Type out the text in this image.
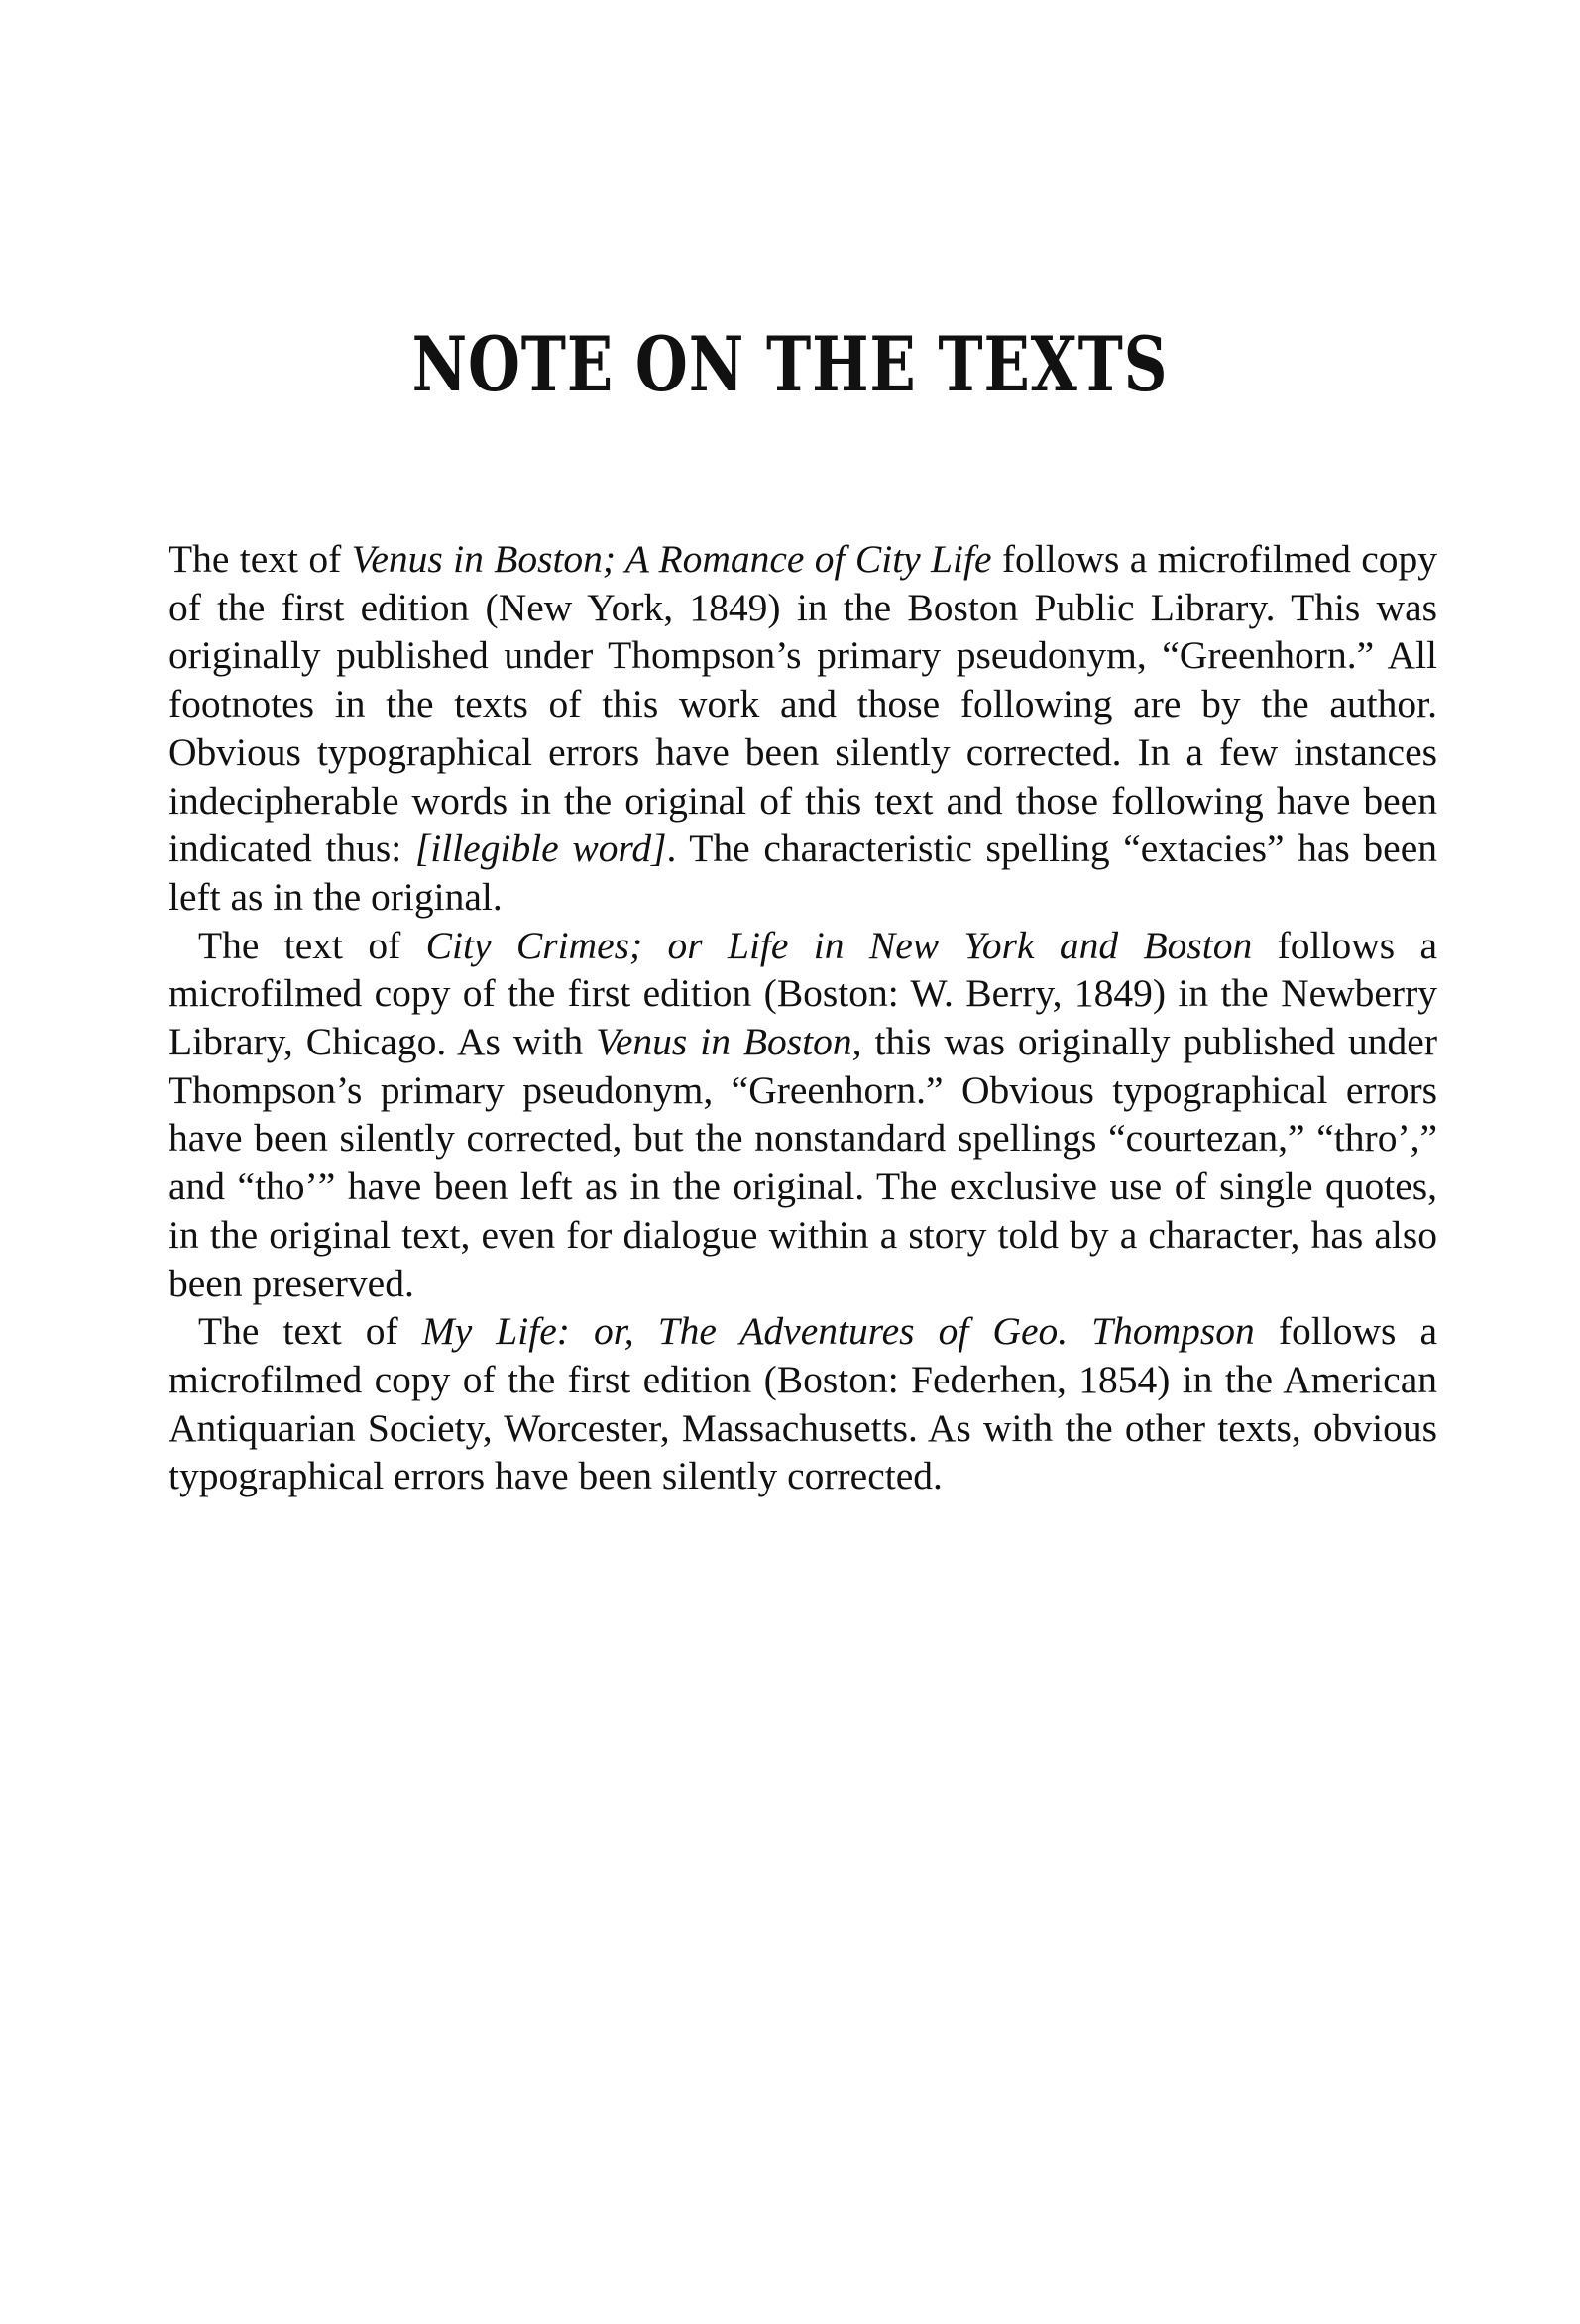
NOTE ON THE TEXTS

The text of Venus in Boston; A Romance of City Life follows a microfilmed copy of the first edition (New York, 1849) in the Boston Public Library. This was originally published under Thompson’s primary pseudonym, “Greenhorn.” All footnotes in the texts of this work and those following are by the author. Obvious typographical errors have been silently corrected. In a few instances indecipherable words in the original of this text and those following have been indicated thus: [illegible word]. The characteristic spelling “extacies” has been left as in the original.

The text of City Crimes; or Life in New York and Boston follows a microfilmed copy of the first edition (Boston: W. Berry, 1849) in the Newberry Library, Chicago. As with Venus in Boston, this was originally published under Thompson’s primary pseudonym, “Greenhorn.” Obvious typographical errors have been silently corrected, but the nonstandard spellings “courtezan,” “thro’,” and “tho’” have been left as in the original. The exclusive use of single quotes, in the original text, even for dialogue within a story told by a character, has also been preserved.

The text of My Life: or, The Adventures of Geo. Thompson follows a microfilmed copy of the first edition (Boston: Federhen, 1854) in the American Antiquarian Society, Worcester, Massachusetts. As with the other texts, obvious typographical errors have been silently corrected.
